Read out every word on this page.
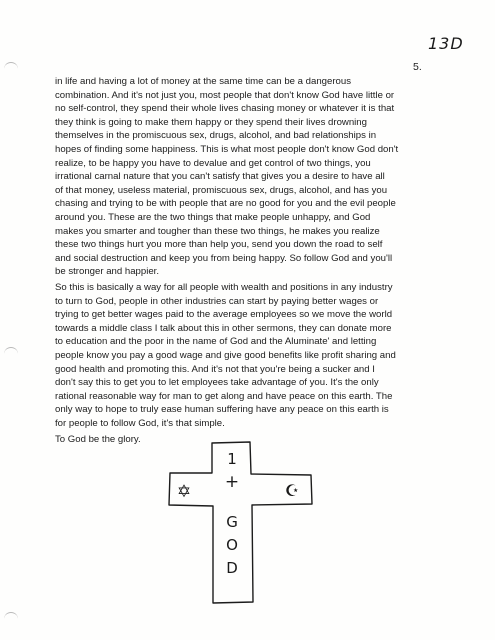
13D
5.

in life and having a lot of money at the same time can be a dangerous
combination. And it's not just you, most people that don't know God have little or
no self-control, they spend their whole lives chasing money or whatever it is that
they think is going to make them happy or they spend their lives drowning
themselves in the promiscuous sex, drugs, alcohol, and bad relationships in
hopes of finding some happiness. This is what most people don't know God don't
realize, to be happy you have to devalue and get control of two things, you
irrational carnal nature that you can't satisfy that gives you a desire to have all
of that money, useless material, promiscuous sex, drugs, alcohol, and has you
chasing and trying to be with people that are no good for you and the evil people
around you. These are the two things that make people unhappy, and God
makes you smarter and tougher than these two things, he makes you realize
these two things hurt you more than help you, send you down the road to self
and social destruction and keep you from being happy. So follow God and you'll
be stronger and happier.

So this is basically a way for all people with wealth and positions in any industry
to turn to God, people in other industries can start by paying better wages or
trying to get better wages paid to the average employees so we move the world
towards a middle class I talk about this in other sermons, they can donate more
to education and the poor in the name of God and the Aluminate' and letting
people know you pay a good wage and give good benefits like profit sharing and
good health and promoting this. And it's not that you're being a sucker and I
don't say this to get you to let employees take advantage of you. It's the only
rational reasonable way for man to get along and have peace on this earth. The
only way to hope to truly ease human suffering have any peace on this earth is
for people to follow God, it's that simple.

To God be the glory.

1
+
G
O
D
✡	☪
